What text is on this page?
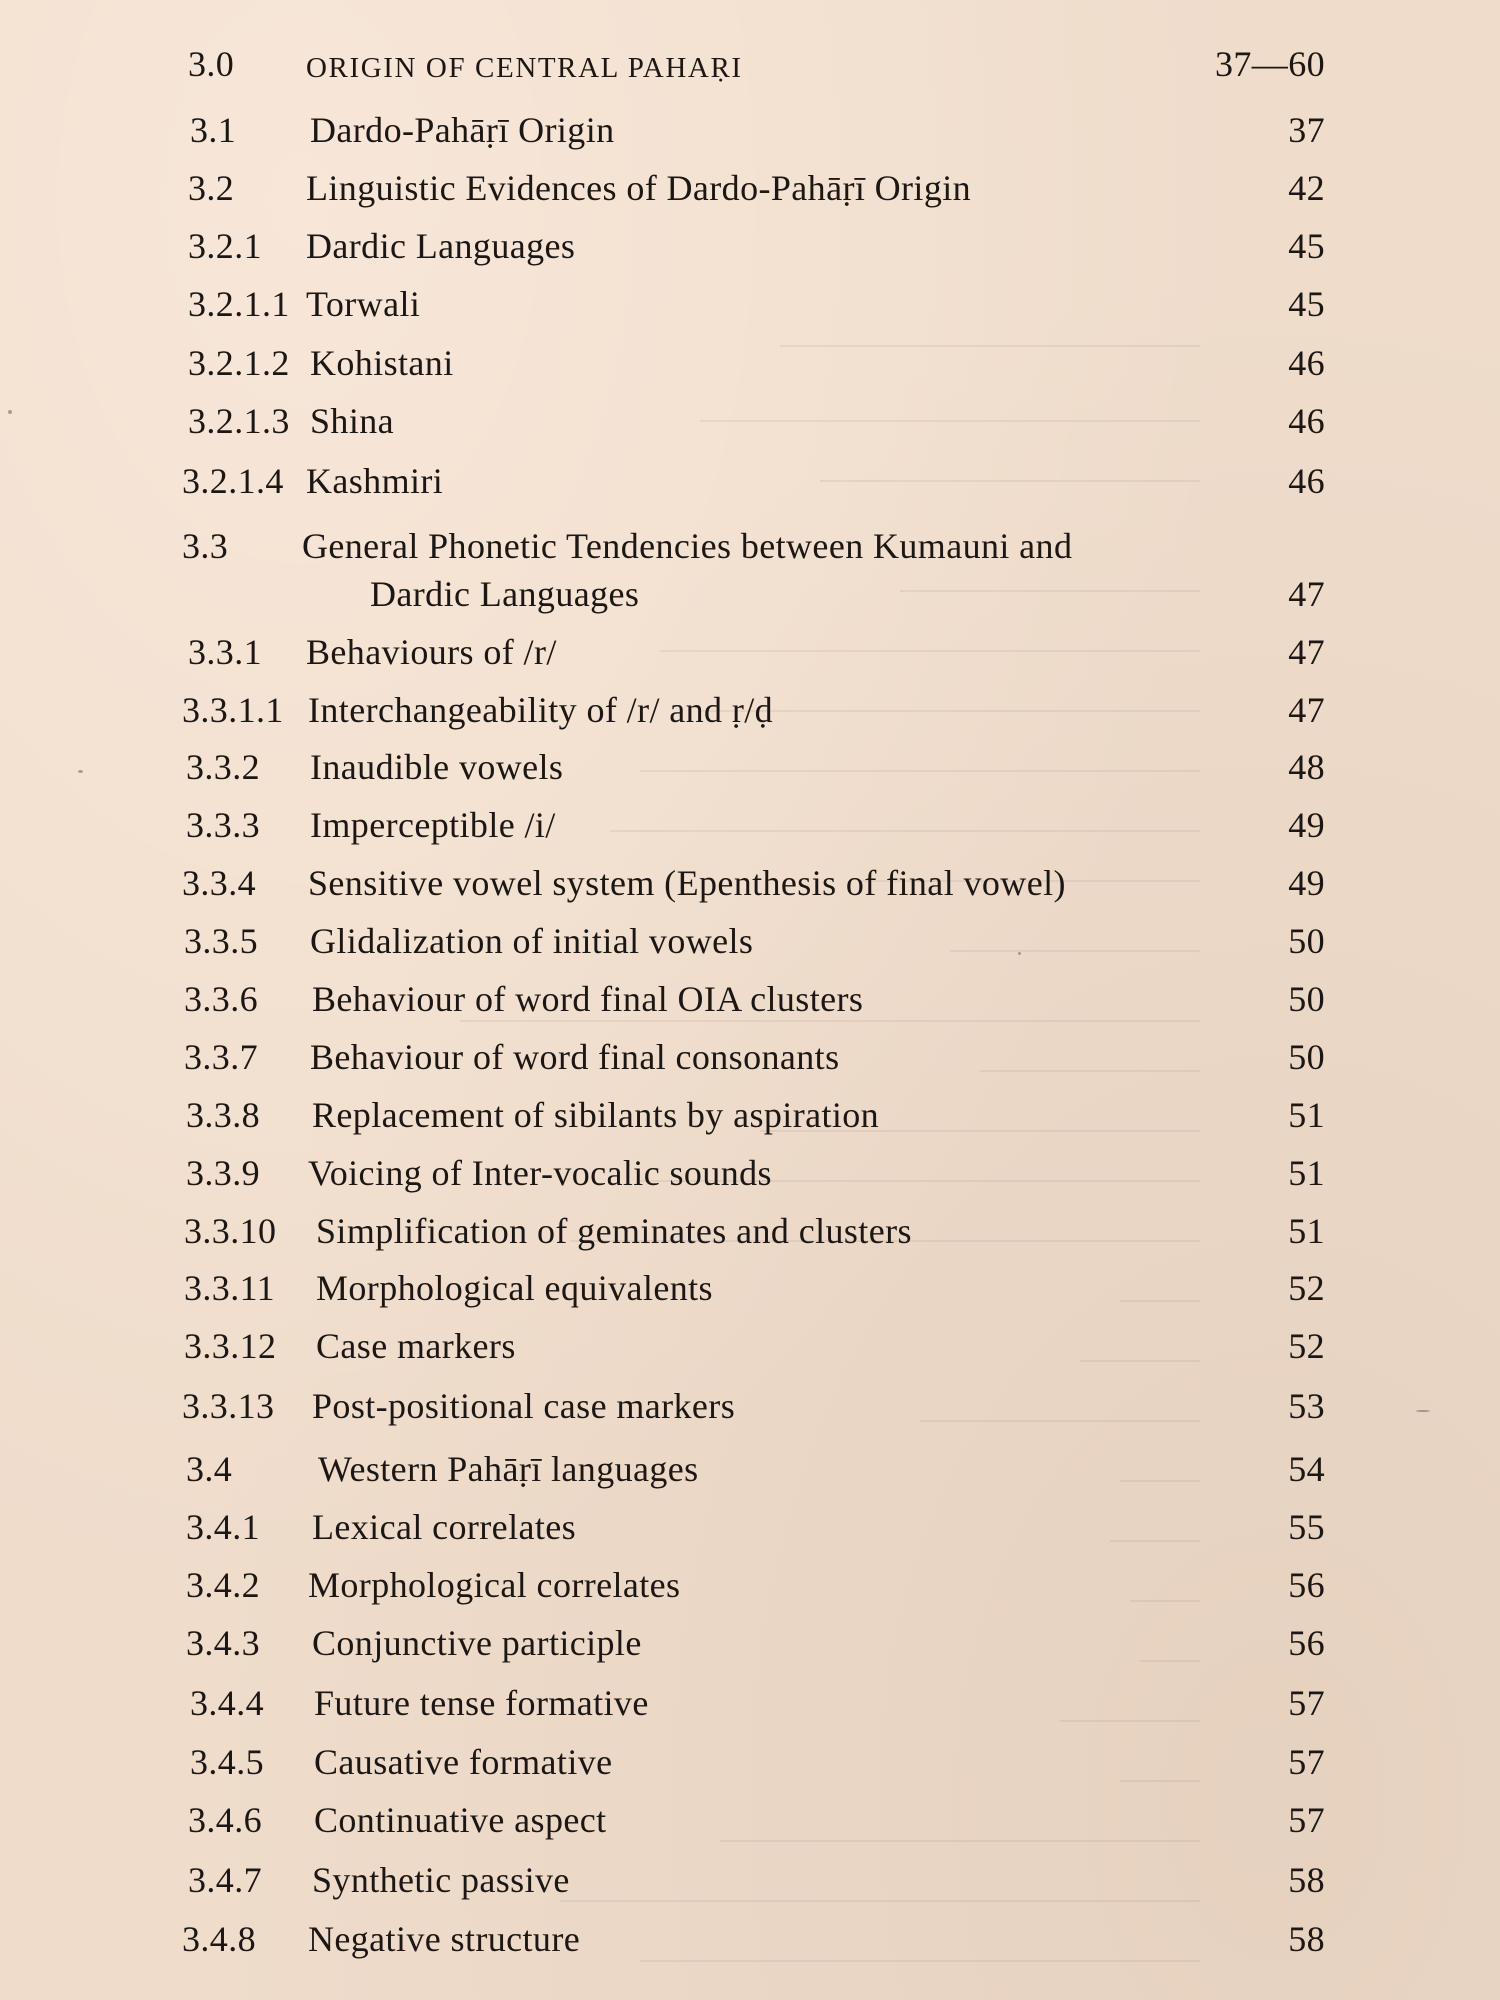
3.0 ORIGIN OF CENTRAL PAHAṚI	37—60
3.1 Dardo-Pahāṛī Origin	37
3.2 Linguistic Evidences of Dardo-Pahāṛī Origin	42
3.2.1 Dardic Languages	45
3.2.1.1 Torwali	45
3.2.1.2 Kohistani	46
3.2.1.3 Shina	46
3.2.1.4 Kashmiri	46
3.3 General Phonetic Tendencies between Kumauni and
Dardic Languages	47
3.3.1 Behaviours of /r/	47
3.3.1.1 Interchangeability of /r/ and ṛ/ḍ	47
3.3.2 Inaudible vowels	48
3.3.3 Imperceptible /i/	49
3.3.4 Sensitive vowel system (Epenthesis of final vowel)	49
3.3.5 Glidalization of initial vowels	50
3.3.6 Behaviour of word final OIA clusters	50
3.3.7 Behaviour of word final consonants	50
3.3.8 Replacement of sibilants by aspiration	51
3.3.9 Voicing of Inter-vocalic sounds	51
3.3.10 Simplification of geminates and clusters	51
3.3.11 Morphological equivalents	52
3.3.12 Case markers	52
3.3.13 Post-positional case markers	53
3.4 Western Pahāṛī languages	54
3.4.1 Lexical correlates	55
3.4.2 Morphological correlates	56
3.4.3 Conjunctive participle	56
3.4.4 Future tense formative	57
3.4.5 Causative formative	57
3.4.6 Continuative aspect	57
3.4.7 Synthetic passive	58
3.4.8 Negative structure	58
